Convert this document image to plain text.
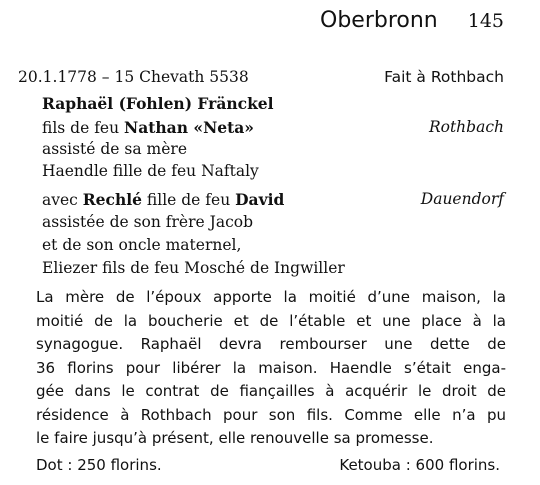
Oberbronn 145
20.1.1778 – 15 Chevath 5538	Fait à Rothbach
Raphaël (Fohlen) Fränckel
fils de feu Nathan «Neta»	Rothbach
assisté de sa mère
Haendle fille de feu Naftaly
avec Rechlé fille de feu David	Dauendorf
assistée de son frère Jacob
et de son oncle maternel,
Eliezer fils de feu Mosché de Ingwiller
La mère de l’époux apporte la moitié d’une maison, la
moitié de la boucherie et de l’étable et une place à la
synagogue. Raphaël devra rembourser une dette de
36 florins pour libérer la maison. Haendle s’était enga-
gée dans le contrat de fiançailles à acquérir le droit de
résidence à Rothbach pour son fils. Comme elle n’a pu
le faire jusqu’à présent, elle renouvelle sa promesse.
Dot : 250 florins.	Ketouba : 600 florins.
